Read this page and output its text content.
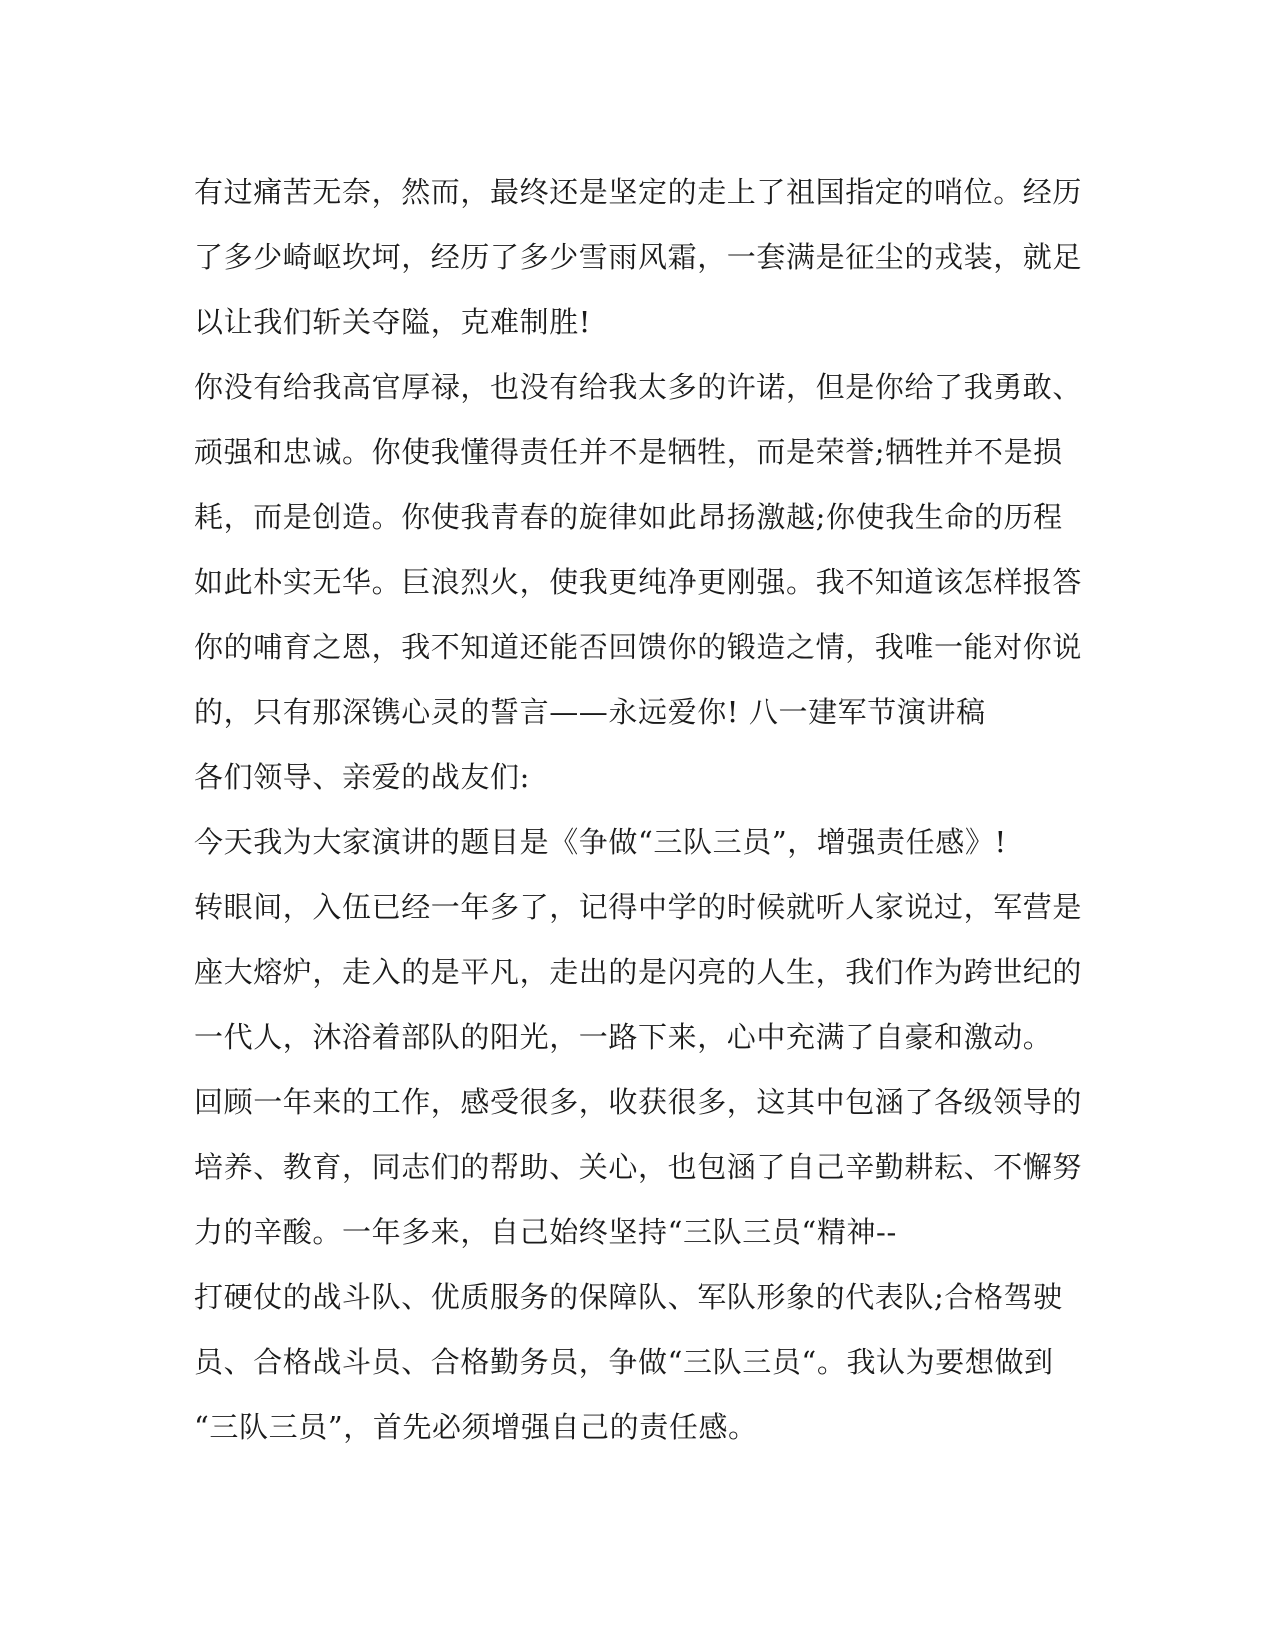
有过痛苦无奈，然而，最终还是坚定的走上了祖国指定的哨位。经历
了多少崎岖坎坷，经历了多少雪雨风霜，一套满是征尘的戎装，就足
以让我们斩关夺隘，克难制胜!
你没有给我高官厚禄，也没有给我太多的许诺，但是你给了我勇敢、
顽强和忠诚。你使我懂得责任并不是牺牲，而是荣誉;牺牲并不是损
耗，而是创造。你使我青春的旋律如此昂扬激越;你使我生命的历程
如此朴实无华。巨浪烈火，使我更纯净更刚强。我不知道该怎样报答
你的哺育之恩，我不知道还能否回馈你的锻造之情，我唯一能对你说
的，只有那深镌心灵的誓言——永远爱你! 八一建军节演讲稿
各们领导、亲爱的战友们:
今天我为大家演讲的题目是《争做“三队三员”，增强责任感》!
转眼间，入伍已经一年多了，记得中学的时候就听人家说过，军营是
座大熔炉，走入的是平凡，走出的是闪亮的人生，我们作为跨世纪的
一代人，沐浴着部队的阳光，一路下来，心中充满了自豪和激动。
回顾一年来的工作，感受很多，收获很多，这其中包涵了各级领导的
培养、教育，同志们的帮助、关心，也包涵了自己辛勤耕耘、不懈努
力的辛酸。一年多来，自己始终坚持“三队三员“精神--
打硬仗的战斗队、优质服务的保障队、军队形象的代表队;合格驾驶
员、合格战斗员、合格勤务员，争做“三队三员“。我认为要想做到
“三队三员”，首先必须增强自己的责任感。
